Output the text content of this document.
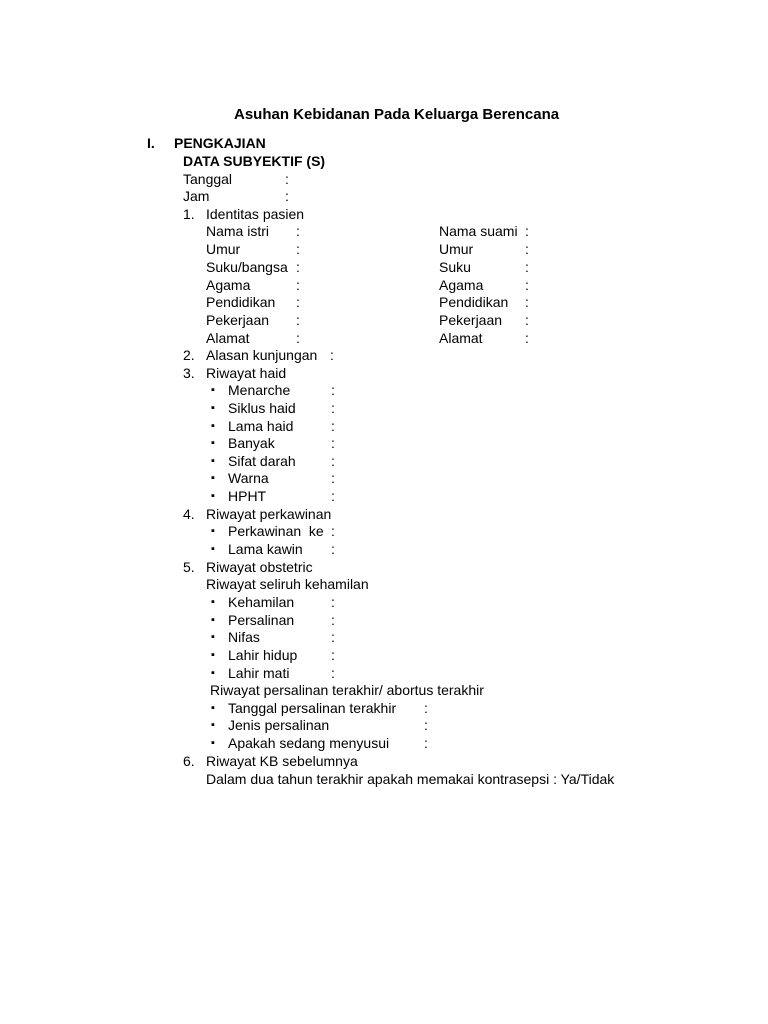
Asuhan Kebidanan Pada Keluarga Berencana
I. PENGKAJIAN
DATA SUBYEKTIF (S)
Tanggal	:
Jam	:
1. Identitas pasien
Nama istri :	Nama suami :
Umur	:	Umur	:
Suku/bangsa :	Suku	:
Agama	:	Agama	:
Pendidikan :	Pendidikan :
Pekerjaan :	Pekerjaan :
Alamat	:	Alamat	:
2. Alasan kunjungan :
3. Riwayat haid
▪ Menarche	:
▪ Siklus haid	:
▪ Lama haid	:
▪ Banyak	:
▪ Sifat darah	:
▪ Warna	:
▪ HPHT	:
4. Riwayat perkawinan
▪ Perkawinan  ke :
▪ Lama kawin :
5. Riwayat obstetric
Riwayat seliruh kehamilan
▪ Kehamilan	:
▪ Persalinan	:
▪ Nifas	:
▪ Lahir hidup :
▪ Lahir mati	:
Riwayat persalinan terakhir/ abortus terakhir
▪ Tanggal persalinan terakhir :
▪ Jenis persalinan	:
▪ Apakah sedang menyusui :
6. Riwayat KB sebelumnya
Dalam dua tahun terakhir apakah memakai kontrasepsi : Ya/Tidak
